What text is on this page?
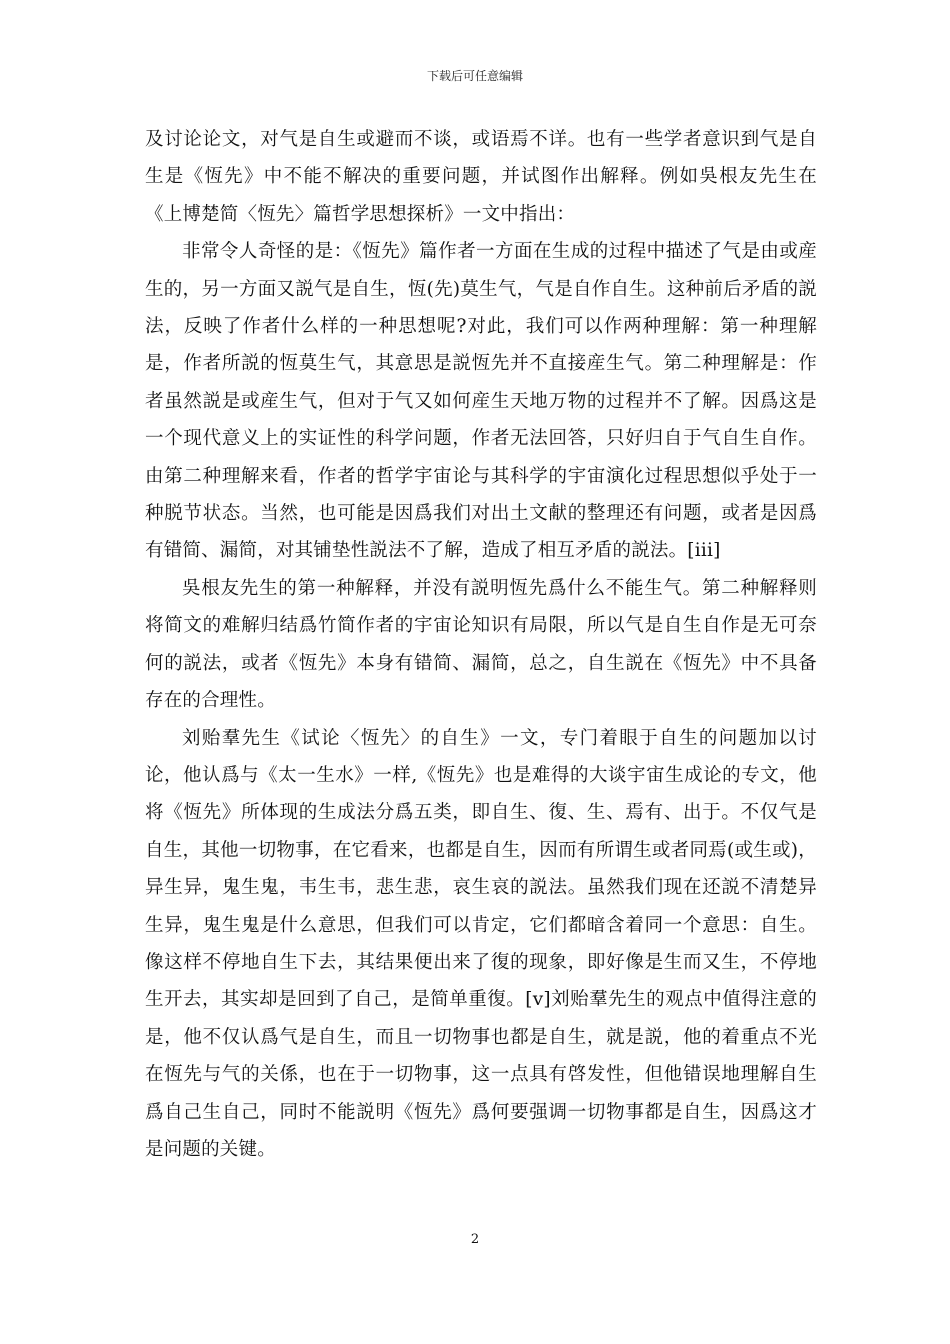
下载后可任意编辑

及讨论论文，对气是自生或避而不谈，或语焉不详。也有一些学者意识到气是自生是《恆先》中不能不解决的重要问题，并试图作出解释。例如吳根友先生在《上博楚简〈恆先〉篇哲学思想探析》一文中指出：

非常令人奇怪的是：《恆先》篇作者一方面在生成的过程中描述了气是由或産生的，另一方面又説气是自生，恆(先)莫生气，气是自作自生。这种前后矛盾的説法，反映了作者什么样的一种思想呢?对此，我们可以作两种理解：第一种理解是，作者所説的恆莫生气，其意思是説恆先并不直接産生气。第二种理解是：作者虽然説是或産生气，但对于气又如何産生天地万物的过程并不了解。因爲这是一个现代意义上的实证性的科学问题，作者无法回答，只好归自于气自生自作。由第二种理解来看，作者的哲学宇宙论与其科学的宇宙演化过程思想似乎处于一种脱节状态。当然，也可能是因爲我们对出土文献的整理还有问题，或者是因爲有错简、漏简，对其铺垫性説法不了解，造成了相互矛盾的説法。[iii]

吳根友先生的第一种解释，并没有説明恆先爲什么不能生气。第二种解释则将简文的难解归结爲竹简作者的宇宙论知识有局限，所以气是自生自作是无可奈何的説法，或者《恆先》本身有错简、漏简，总之，自生説在《恆先》中不具备存在的合理性。

刘贻羣先生《试论〈恆先〉的自生》一文，专门着眼于自生的问题加以讨论，他认爲与《太一生水》一样,《恆先》也是难得的大谈宇宙生成论的专文，他将《恆先》所体现的生成法分爲五类，即自生、復、生、焉有、出于。不仅气是自生，其他一切物事，在它看来，也都是自生，因而有所谓生或者同焉(或生或)，异生异，鬼生鬼，韦生韦，悲生悲，哀生哀的説法。虽然我们现在还説不清楚异生异，鬼生鬼是什么意思，但我们可以肯定，它们都暗含着同一个意思：自生。像这样不停地自生下去，其结果便出来了復的现象，即好像是生而又生，不停地生开去，其实却是回到了自己，是简单重復。[v]刘贻羣先生的观点中值得注意的是，他不仅认爲气是自生，而且一切物事也都是自生，就是説，他的着重点不光在恆先与气的关係，也在于一切物事，这一点具有啓发性，但他错误地理解自生爲自己生自己，同时不能説明《恆先》爲何要强调一切物事都是自生，因爲这才是问题的关键。

2
